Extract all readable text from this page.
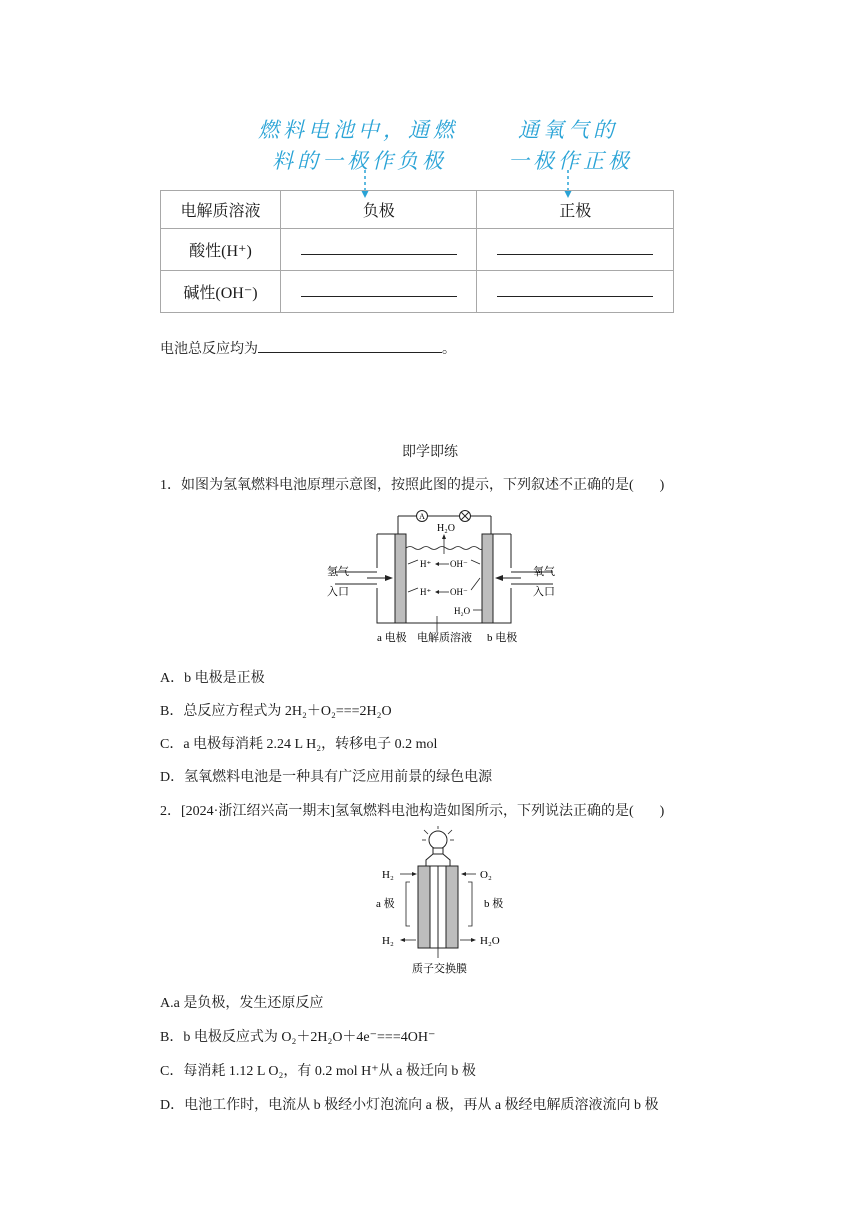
燃料电池中，通燃
料的一极作负极
通氧气的
一极作正极
电解质溶液	负极	正极
酸性(H⁺)		
碱性(OH⁻)		
电池总反应均为	。
即学即练
1．如图为氢氧燃料电池原理示意图，按照此图的提示，下列叙述不正确的是( )
A
氢气
入口
氧气
入口
H₂O
H⁺ OH⁻
H⁺ OH⁻
H₂O
a 电极 电解质溶液 b 电极
A．b 电极是正极
B．总反应方程式为 2H₂＋O₂===2H₂O
C．a 电极每消耗 2.24 L H₂，转移电子 0.2 mol
D．氢氧燃料电池是一种具有广泛应用前景的绿色电源
2．[2024·浙江绍兴高一期末]氢氧燃料电池构造如图所示，下列说法正确的是( )
H₂	O₂
a 极	b 极
H₂	H₂O
质子交换膜
A.a 是负极，发生还原反应
B．b 电极反应式为 O₂＋2H₂O＋4e⁻===4OH⁻
C．每消耗 1.12 L O₂，有 0.2 mol H⁺从 a 极迁向 b 极
D．电池工作时，电流从 b 极经小灯泡流向 a 极，再从 a 极经电解质溶液流向 b 极
